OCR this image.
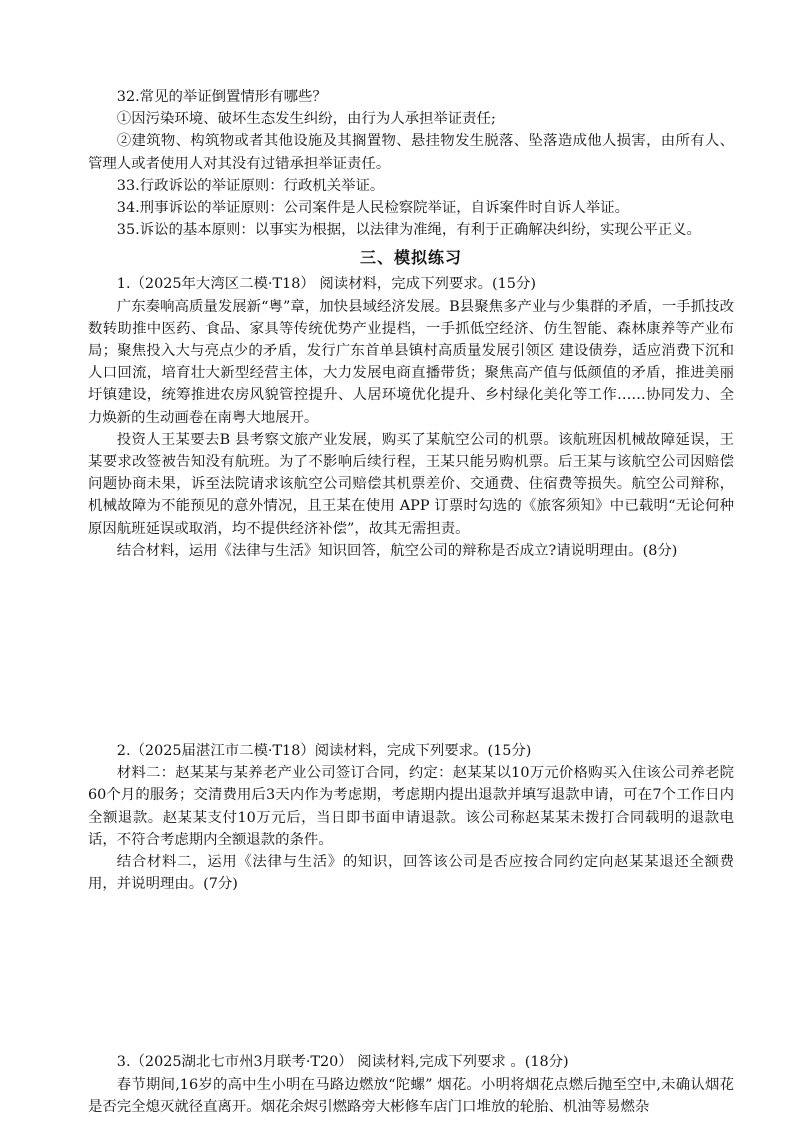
32.常见的举证倒置情形有哪些？

①因污染环境、破坏生态发生纠纷，由行为人承担举证责任;

②建筑物、构筑物或者其他设施及其搁置物、悬挂物发生脱落、坠落造成他人损害，由所有人、管理人或者使用人对其没有过错承担举证责任。

33.行政诉讼的举证原则：行政机关举证。

34.刑事诉讼的举证原则：公司案件是人民检察院举证，自诉案件时自诉人举证。

35.诉讼的基本原则：以事实为根据，以法律为准绳，有利于正确解决纠纷，实现公平正义。

三、模拟练习

1.（2025年大湾区二模·T18） 阅读材料，完成下列要求。(15分)

广东奏响高质量发展新“粤”章，加快县域经济发展。B县聚焦多产业与少集群的矛盾，一手抓技改数转助推中医药、食品、家具等传统优势产业提档，一手抓低空经济、仿生智能、森林康养等产业布局；聚焦投入大与亮点少的矛盾，发行广东首单县镇村高质量发展引领区 建设债券，适应消费下沉和人口回流，培育壮大新型经营主体，大力发展电商直播带货；聚焦高产值与低颜值的矛盾，推进美丽圩镇建设，统筹推进农房风貌管控提升、人居环境优化提升、乡村绿化美化等工作……协同发力、全力焕新的生动画卷在南粤大地展开。

投资人王某要去B 县考察文旅产业发展，购买了某航空公司的机票。该航班因机械故障延误，王某要求改签被告知没有航班。为了不影响后续行程，王某只能另购机票。后王某与该航空公司因赔偿问题协商未果，诉至法院请求该航空公司赔偿其机票差价、交通费、住宿费等损失。航空公司辩称，机械故障为不能预见的意外情况，且王某在使用 APP 订票时勾选的《旅客须知》中已载明“无论何种原因航班延误或取消，均不提供经济补偿”，故其无需担责。

结合材料，运用《法律与生活》知识回答，航空公司的辩称是否成立?请说明理由。(8分)

2.（2025届湛江市二模·T18）阅读材料，完成下列要求。(15分)

材料二：赵某某与某养老产业公司签订合同，约定：赵某某以10万元价格购买入住该公司养老院60个月的服务；交清费用后3天内作为考虑期，考虑期内提出退款并填写退款申请，可在7个工作日内全额退款。赵某某支付10万元后，当日即书面申请退款。该公司称赵某某未拨打合同载明的退款电话，不符合考虑期内全额退款的条件。

结合材料二，运用《法律与生活》的知识，回答该公司是否应按合同约定向赵某某退还全额费用，并说明理由。(7分)

3.（2025湖北七市州3月联考·T20） 阅读材料,完成下列要求 。(18分)

春节期间,16岁的高中生小明在马路边燃放“陀螺” 烟花。小明将烟花点燃后抛至空中,未确认烟花是否完全熄灭就径直离开。烟花余烬引燃路旁大彬修车店门口堆放的轮胎、机油等易燃杂
